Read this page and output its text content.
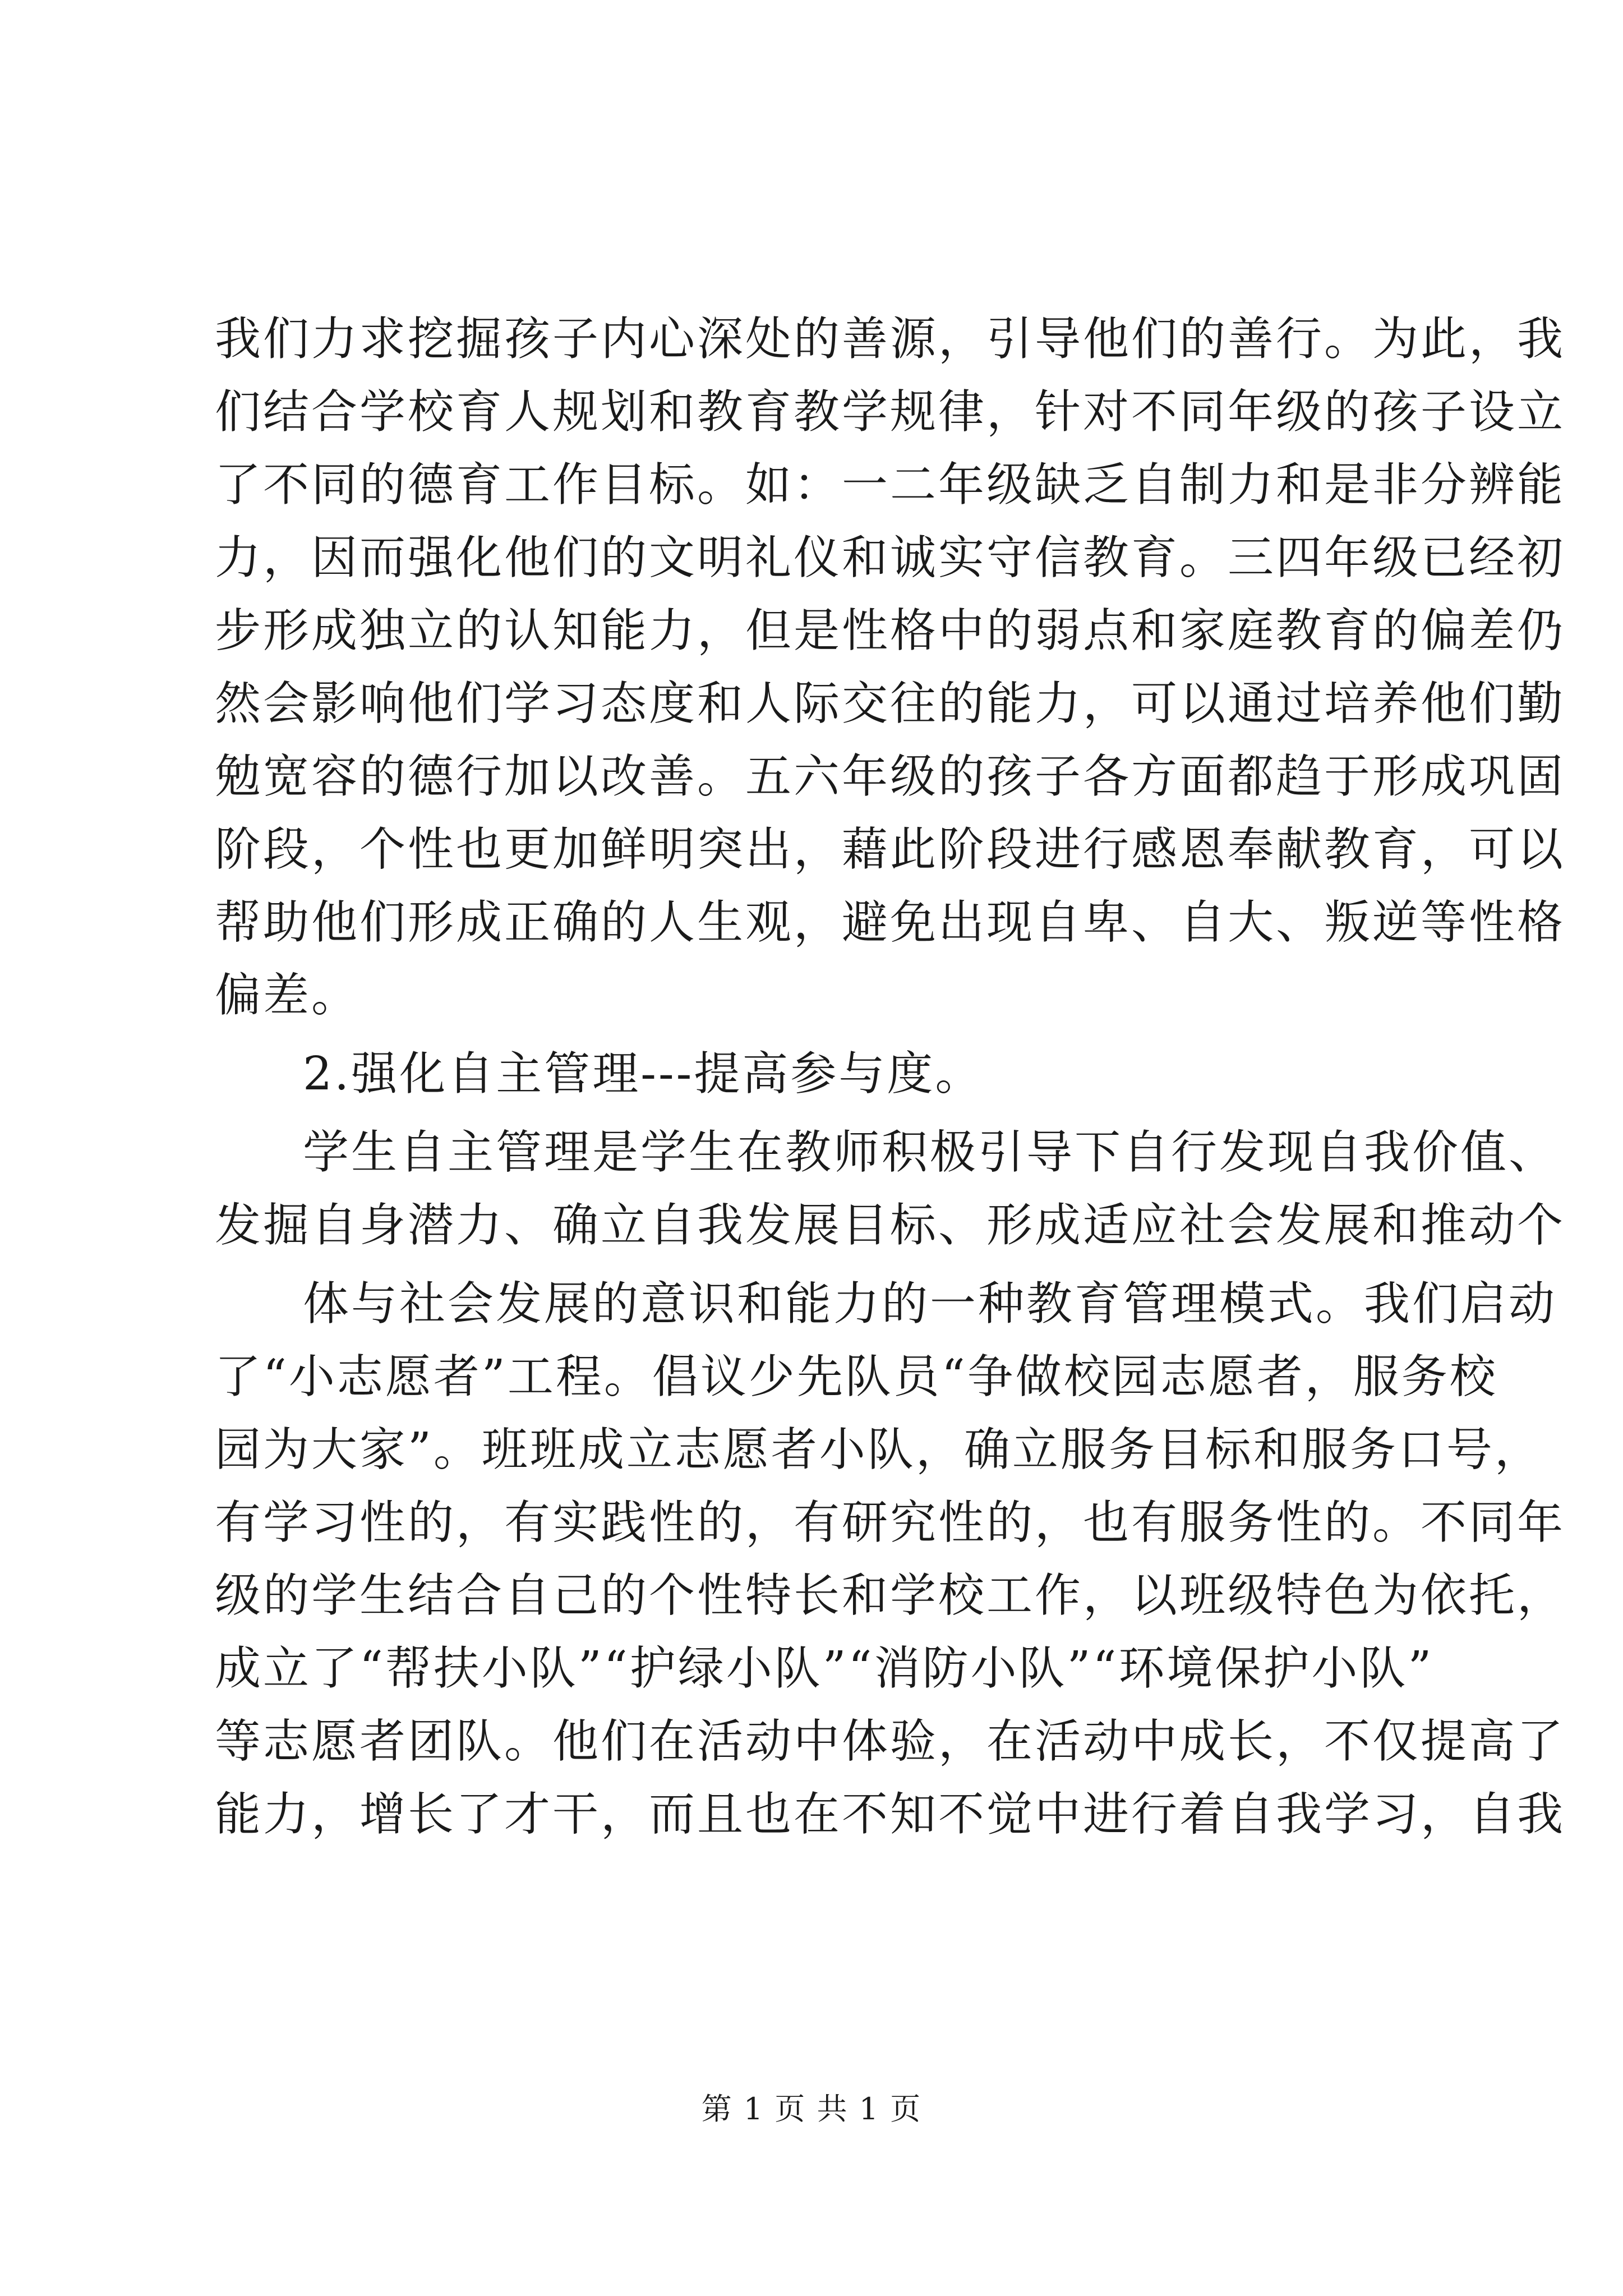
我们力求挖掘孩子内心深处的善源，引导他们的善行。为此，我
们结合学校育人规划和教育教学规律，针对不同年级的孩子设立
了不同的德育工作目标。如：一二年级缺乏自制力和是非分辨能
力，因而强化他们的文明礼仪和诚实守信教育。三四年级已经初
步形成独立的认知能力，但是性格中的弱点和家庭教育的偏差仍
然会影响他们学习态度和人际交往的能力，可以通过培养他们勤
勉宽容的德行加以改善。五六年级的孩子各方面都趋于形成巩固
阶段，个性也更加鲜明突出，藉此阶段进行感恩奉献教育，可以
帮助他们形成正确的人生观，避免出现自卑、自大、叛逆等性格
偏差。
2.强化自主管理---提高参与度。
学生自主管理是学生在教师积极引导下自行发现自我价值、
发掘自身潜力、确立自我发展目标、形成适应社会发展和推动个
体与社会发展的意识和能力的一种教育管理模式。我们启动
了“小志愿者”工程。倡议少先队员“争做校园志愿者，服务校
园为大家”。班班成立志愿者小队，确立服务目标和服务口号，
有学习性的，有实践性的，有研究性的，也有服务性的。不同年
级的学生结合自己的个性特长和学校工作，以班级特色为依托，
成立了“帮扶小队”“护绿小队”“消防小队”“环境保护小队”
等志愿者团队。他们在活动中体验，在活动中成长，不仅提高了
能力，增长了才干，而且也在不知不觉中进行着自我学习，自我
第 1 页 共 1 页
